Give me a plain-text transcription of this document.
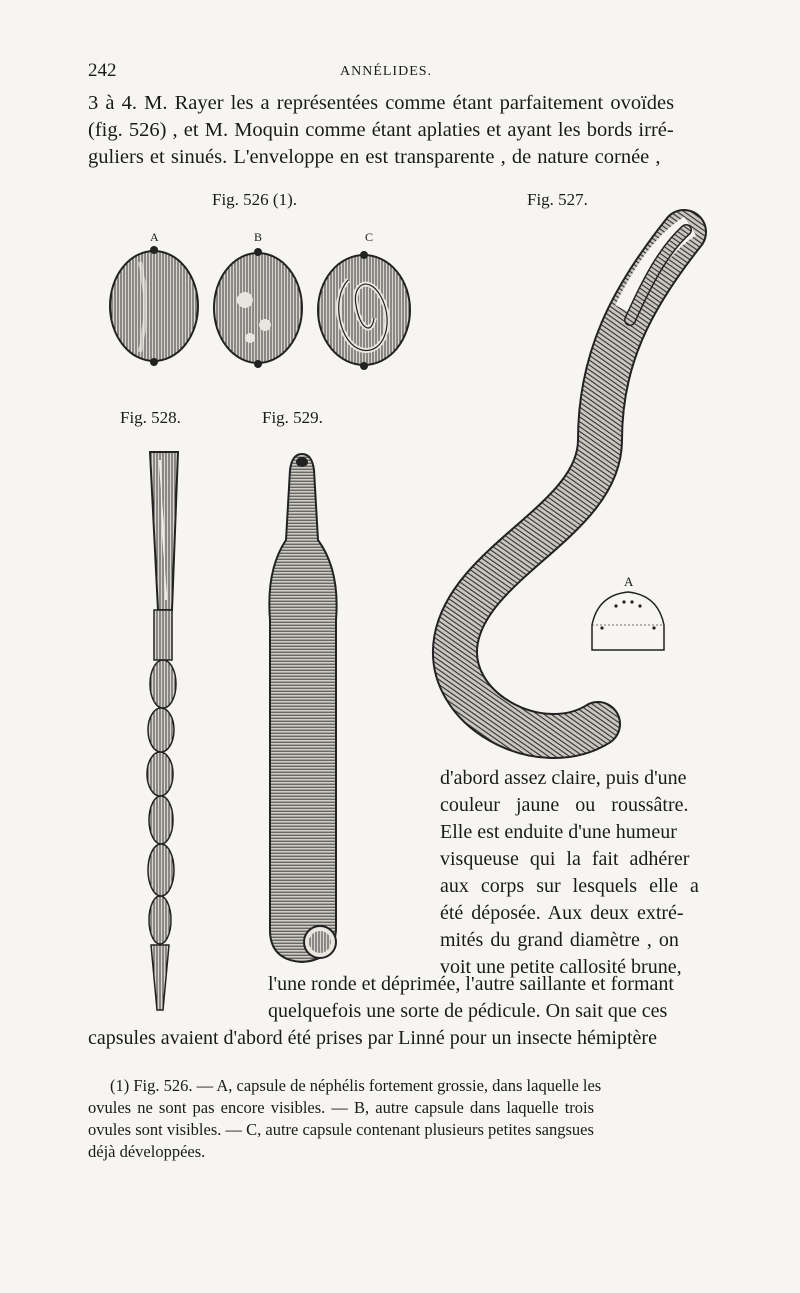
242	ANNÉLIDES.
3 à 4. M. Rayer les a représentées comme étant parfaitement ovoïdes
(fig. 526) , et M. Moquin comme étant aplaties et ayant les bords irré-
guliers et sinués. L'enveloppe en est transparente , de nature cornée ,
Fig. 526 (1).	Fig. 527.
Fig. 528.	Fig. 529.
A	B	C
A
d'abord assez claire, puis d'une
couleur jaune ou roussâtre.
Elle est enduite d'une humeur
visqueuse qui la fait adhérer
aux corps sur lesquels elle a
été déposée. Aux deux extré-
mités du grand diamètre , on
voit une petite callosité brune,
l'une ronde et déprimée, l'autre saillante et formant
quelquefois une sorte de pédicule. On sait que ces
capsules avaient d'abord été prises par Linné pour un insecte hémiptère
(1) Fig. 526. — A, capsule de néphélis fortement grossie, dans laquelle les
ovules ne sont pas encore visibles. — B, autre capsule dans laquelle trois
ovules sont visibles. — C, autre capsule contenant plusieurs petites sangsues
déjà développées.
